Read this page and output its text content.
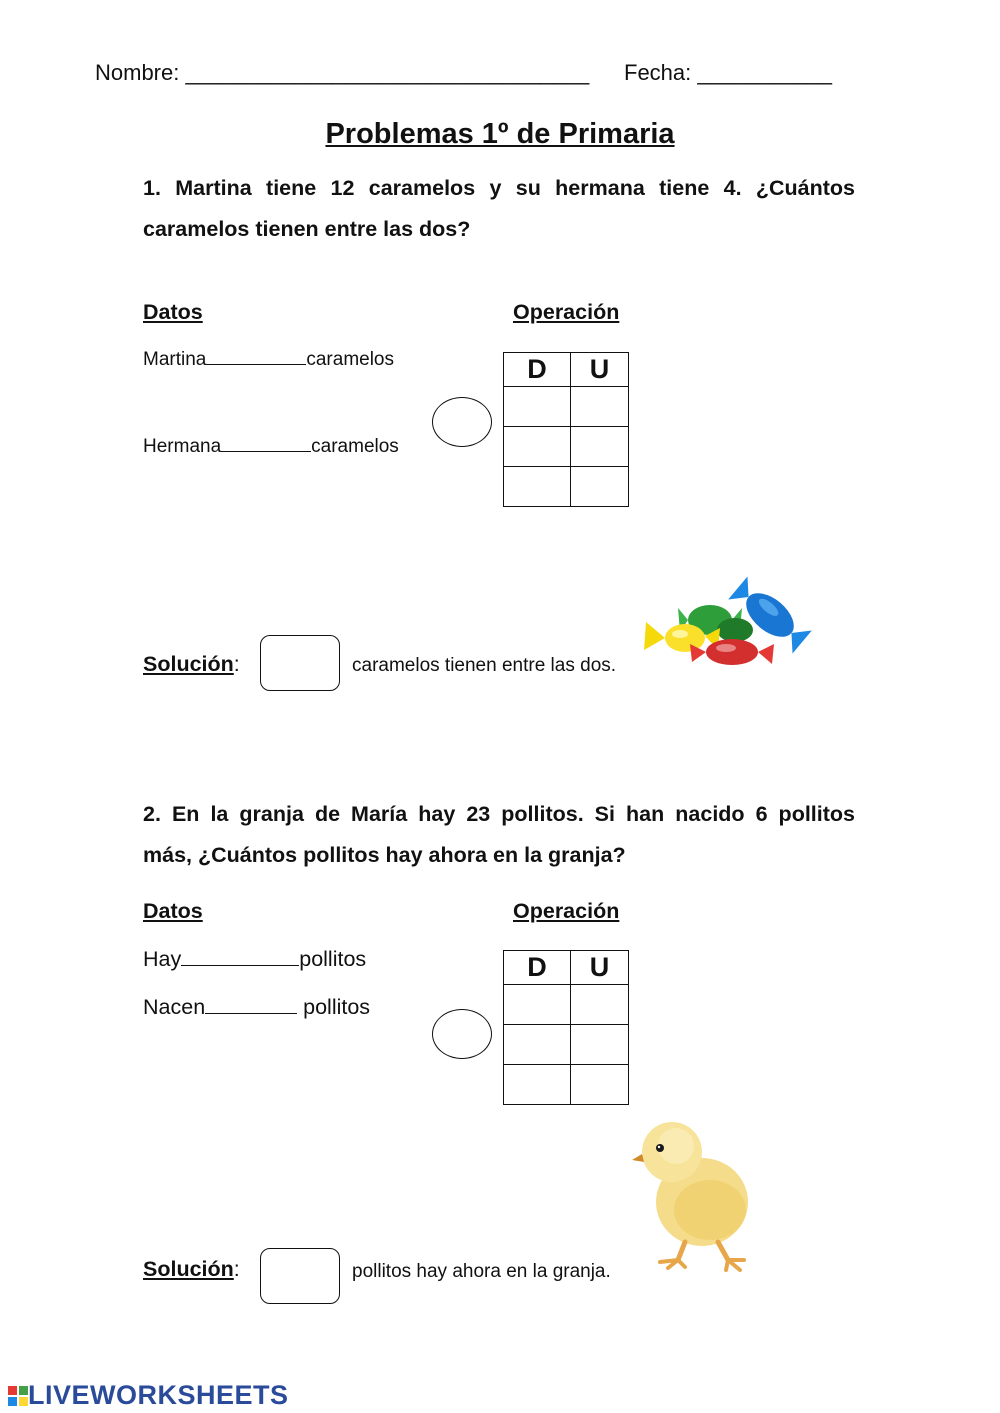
Nombre: _________________________________ Fecha: ___________
Problemas 1º de Primaria
1. Martina tiene 12 caramelos y su hermana tiene 4. ¿Cuántos
caramelos tienen entre las dos?
Datos	Operación
Martina	caramelos
Hermana	caramelos
D	U

Solución:	caramelos tienen entre las dos.
2. En la granja de María hay 23 pollitos. Si han nacido 6 pollitos
más, ¿Cuántos pollitos hay ahora en la granja?
Datos	Operación
Hay	pollitos
Nacen	pollitos
D	U

Solución:	pollitos hay ahora en la granja.
LIVEWORKSHEETS
